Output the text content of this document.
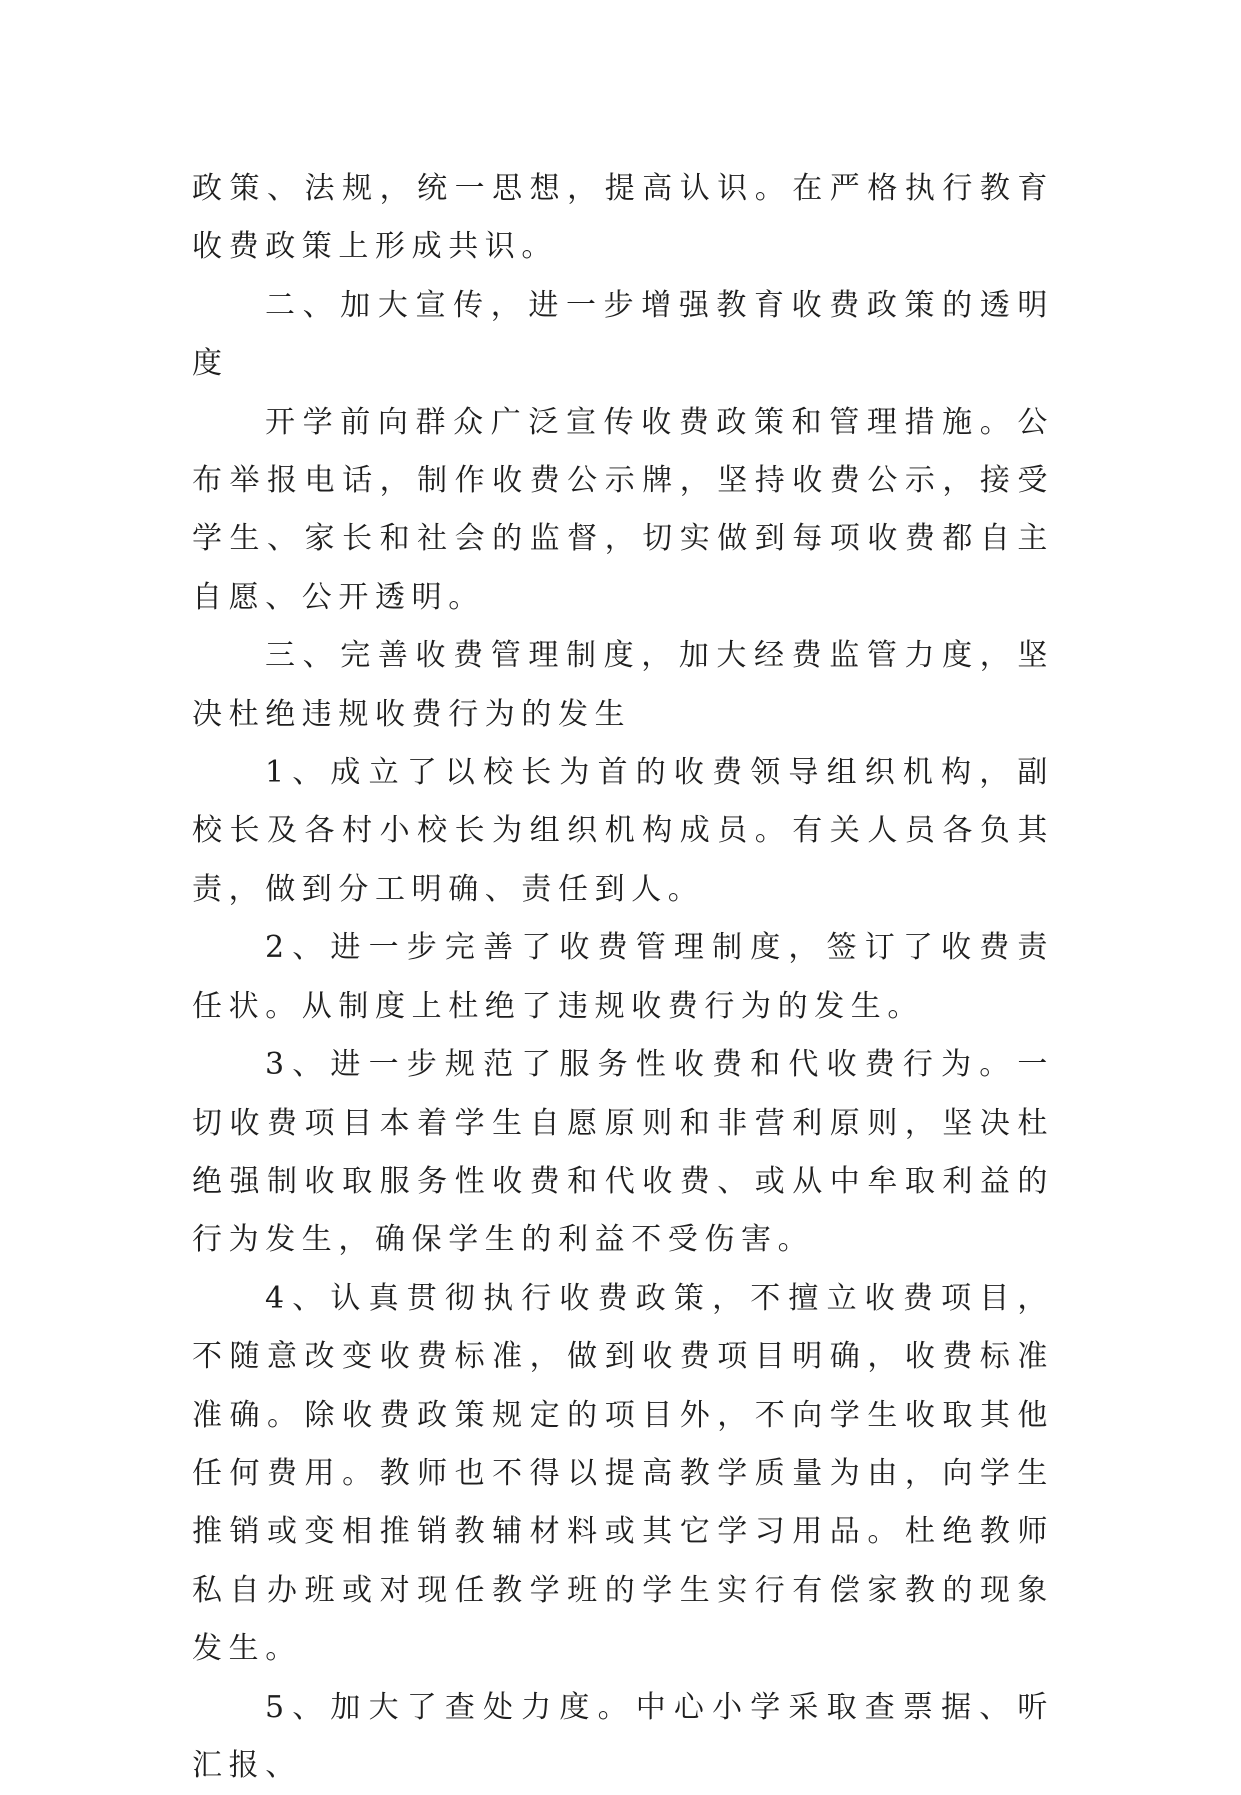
政策、法规，统一思想，提高认识。在严格执行教育收费政策上形成共识。

二、加大宣传，进一步增强教育收费政策的透明度

开学前向群众广泛宣传收费政策和管理措施。公布举报电话，制作收费公示牌，坚持收费公示，接受学生、家长和社会的监督，切实做到每项收费都自主自愿、公开透明。

三、完善收费管理制度，加大经费监管力度，坚决杜绝违规收费行为的发生

1、成立了以校长为首的收费领导组织机构，副校长及各村小校长为组织机构成员。有关人员各负其责，做到分工明确、责任到人。

2、进一步完善了收费管理制度，签订了收费责任状。从制度上杜绝了违规收费行为的发生。

3、进一步规范了服务性收费和代收费行为。一切收费项目本着学生自愿原则和非营利原则，坚决杜绝强制收取服务性收费和代收费、或从中牟取利益的行为发生，确保学生的利益不受伤害。

4、认真贯彻执行收费政策，不擅立收费项目，不随意改变收费标准，做到收费项目明确，收费标准准确。除收费政策规定的项目外，不向学生收取其他任何费用。教师也不得以提高教学质量为由，向学生推销或变相推销教辅材料或其它学习用品。杜绝教师私自办班或对现任教学班的学生实行有偿家教的现象发生。

5、加大了查处力度。中心小学采取查票据、听汇报、
